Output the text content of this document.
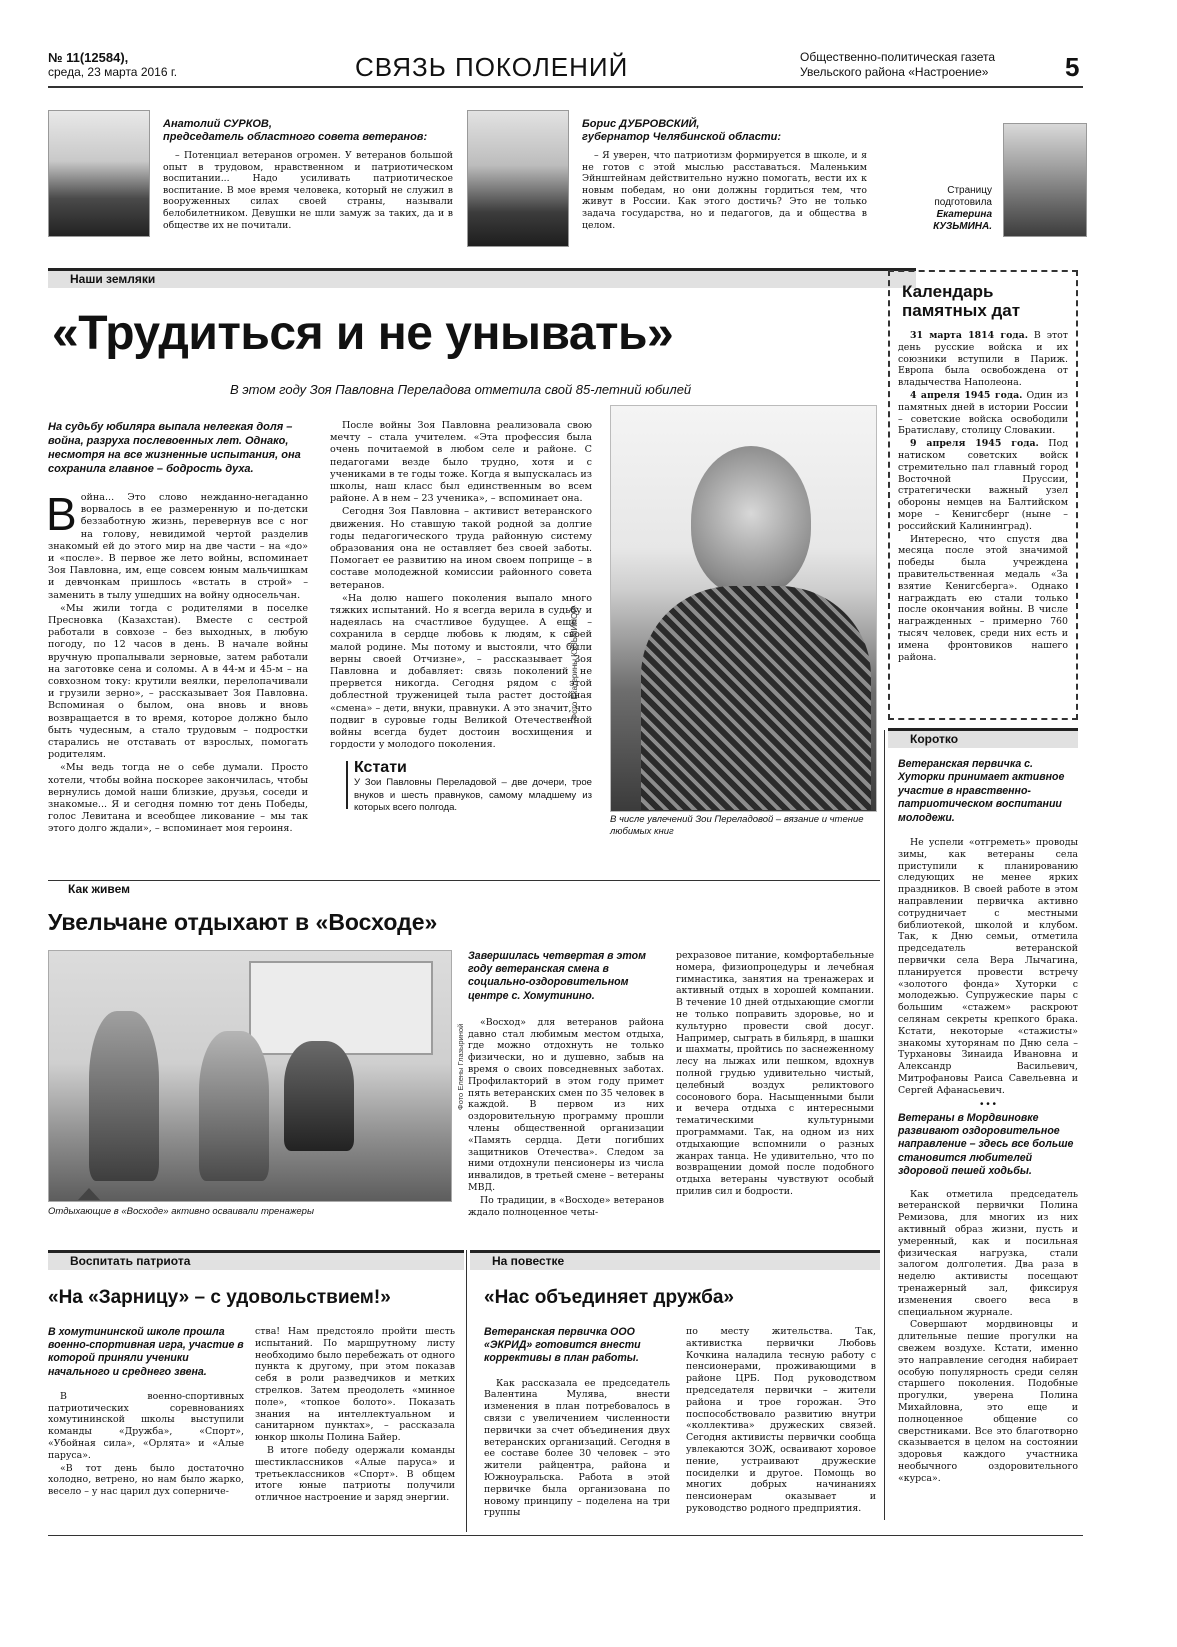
№ 11(12584),
среда, 23 марта 2016 г.	СВЯЗЬ ПОКОЛЕНИЙ	Общественно-политическая газета
Увельского района «Настроение»	5
Анатолий СУРКОВ,
председатель областного совета ветеранов:

– Потенциал ветеранов огромен. У ветеранов большой опыт в трудовом, нравственном и патриотическом воспитании... Надо усиливать патриотическое воспитание. В мое время человека, который не служил в вооруженных силах своей страны, называли белобилетником. Девушки не шли замуж за таких, да и в обществе их не почитали.

Борис ДУБРОВСКИЙ,
губернатор Челябинской области:

– Я уверен, что патриотизм формируется в школе, и я не готов с этой мыслью расставаться. Маленьким Эйнштейнам действительно нужно помогать, вести их к новым победам, но они должны гордиться тем, что живут в России. Как этого достичь? Это не только задача государства, но и педагогов, да и общества в целом.

Страницу
подготовила
Екатерина
КУЗЬМИНА.
Наши земляки
«Трудиться и не унывать»
В этом году Зоя Павловна Переладова отметила свой 85-летний юбилей
На судьбу юбиляра выпала нелегкая доля – война, разруха послевоенных лет. Однако, несмотря на все жизненные испытания, она сохранила главное – бодрость духа.
В ойна... Это слово нежданно-негаданно ворвалось в ее размеренную и по-детски беззаботную жизнь, перевернув все с ног на голову, невидимой чертой разделив знакомый ей до этого мир на две части – на «до» и «после». В первое же лето войны, вспоминает Зоя Павловна, им, еще совсем юным мальчишкам и девчонкам пришлось «встать в строй» – заменить в тылу ушедших на войну односельчан.

«Мы жили тогда с родителями в поселке Пресновка (Казахстан). Вместе с сестрой работали в совхозе – без выходных, в любую погоду, по 12 часов в день. В начале войны вручную пропалывали зерновые, затем работали на заготовке сена и соломы. А в 44-м и 45-м – на совхозном току: крутили веялки, перелопачивали и грузили зерно», – рассказывает Зоя Павловна. Вспоминая о былом, она вновь и вновь возвращается в то время, которое должно было быть чудесным, а стало трудовым – подростки старались не отставать от взрослых, помогать родителям.

«Мы ведь тогда не о себе думали. Просто хотели, чтобы война поскорее закончилась, чтобы вернулись домой наши близкие, друзья, соседи и знакомые... Я и сегодня помню тот день Победы, голос Левитана и всеобщее ликование – мы так этого долго ждали», – вспоминает моя героиня.

После войны Зоя Павловна реализовала свою мечту – стала учителем. «Эта профессия была очень почитаемой в любом селе и районе. С педагогами везде было трудно, хотя и с учениками в те годы тоже. Когда я выпускалась из школы, наш класс был единственным во всем районе. А в нем – 23 ученика», – вспоминает она.

Сегодня Зоя Павловна – активист ветеранского движения. Но ставшую такой родной за долгие годы педагогического труда районную систему образования она не оставляет без своей заботы. Помогает ее развитию на ином своем поприще – в составе молодежной комиссии районного совета ветеранов.

«На долю нашего поколения выпало много тяжких испытаний. Но я всегда верила в судьбу и надеялась на счастливое будущее. А еще – сохранила в сердце любовь к людям, к своей малой родине. Мы потому и выстояли, что были верны своей Отчизне», – рассказывает Зоя Павловна и добавляет: связь поколений не прервется никогда. Сегодня рядом с этой доблестной труженицей тыла растет достойная «смена» – дети, внуки, правнуки. А это значит, что подвиг в суровые годы Великой Отечественной войны всегда будет достоин восхищения и гордости у молодого поколения.

Кстати

У Зои Павловны Переладовой – две дочери, трое внуков и шесть правнуков, самому младшему из которых всего полгода.

Фото Екатерины КУЗЬМИНОЙ
В числе увлечений Зои Переладовой – вязание и чтение любимых книг
Календарь памятных дат

31 марта 1814 года. В этот день русские войска и их союзники вступили в Париж. Европа была освобождена от владычества Наполеона.

4 апреля 1945 года. Один из памятных дней в истории России – советские войска освободили Братиславу, столицу Словакии.

9 апреля 1945 года. Под натиском советских войск стремительно пал главный город Восточной Пруссии, стратегически важный узел обороны немцев на Балтийском море – Кенигсберг (ныне – российский Калининград).

Интересно, что спустя два месяца после этой значимой победы была учреждена правительственная медаль «За взятие Кенигсберга». Однако награждать ею стали только после окончания войны. В числе награжденных – примерно 760 тысяч человек, среди них есть и имена фронтовиков нашего района.

Коротко
Ветеранская первичка с. Хуторки принимает активное участие в нравственно-патриотическом воспитании молодежи.

Не успели «отгреметь» проводы зимы, как ветераны села приступили к планированию следующих не менее ярких праздников. В своей работе в этом направлении первичка активно сотрудничает с местными библиотекой, школой и клубом. Так, к Дню семьи, отметила председатель ветеранской первички села Вера Лычагина, планируется провести встречу «золотого фонда» Хуторки с молодежью. Супружеские пары с большим «стажем» раскроют селянам секреты крепкого брака. Кстати, некоторые «стажисты» знакомы хуторянам по Дню села – Турхановы Зинаида Ивановна и Александр Васильевич, Митрофановы Раиса Савельевна и Сергей Афанасьевич.

• • •
Ветераны в Мордвиновке развивают оздоровительное направление – здесь все больше становится любителей здоровой пешей ходьбы.

Как отметила председатель ветеранской первички Полина Ремизова, для многих из них активный образ жизни, пусть и умеренный, как и посильная физическая нагрузка, стали залогом долголетия. Два раза в неделю активисты посещают тренажерный зал, фиксируя изменения своего веса в специальном журнале.

Совершают мордвиновцы и длительные пешие прогулки на свежем воздухе. Кстати, именно это направление сегодня набирает особую популярность среди селян старшего поколения. Подобные прогулки, уверена Полина Михайловна, это еще и полноценное общение со сверстниками. Все это благотворно сказывается в целом на состоянии здоровья каждого участника необычного оздоровительного «курса».

Как живем
Увельчане отдыхают в «Восходе»
Фото Елены Глазыриной
Отдыхающие в «Восходе» активно осваивали тренажеры
Завершилась четвертая в этом году ветеранская смена в социально-оздоровительном центре с. Хомутинино.

«Восход» для ветеранов района давно стал любимым местом отдыха, где можно отдохнуть не только физически, но и душевно, забыв на время о своих повседневных заботах. Профилакторий в этом году примет пять ветеранских смен по 35 человек в каждой. В первом из них оздоровительную программу прошли члены общественной организации «Память сердца. Дети погибших защитников Отечества». Следом за ними отдохнули пенсионеры из числа инвалидов, в третьей смене – ветераны МВД.

По традиции, в «Восходе» ветеранов ждало полноценное четы-

рехразовое питание, комфортабельные номера, физиопроцедуры и лечебная гимнастика, занятия на тренажерах и активный отдых в хорошей компании. В течение 10 дней отдыхающие смогли не только поправить здоровье, но и культурно провести свой досуг. Например, сыграть в бильярд, в шашки и шахматы, пройтись по заснеженному лесу на лыжах или пешком, вдохнув полной грудью удивительно чистый, целебный воздух реликтового сосонового бора. Насыщенными были и вечера отдыха с интересными тематическими культурными программами. Так, на одном из них отдыхающие вспомнили о разных жанрах танца. Не удивительно, что по возвращении домой после подобного отдыха ветераны чувствуют особый прилив сил и бодрости.

Воспитать патриота
«На «Зарницу» – с удовольствием!»
В хомутининской школе прошла военно-спортивная игра, участие в которой приняли ученики начального и среднего звена.

В военно-спортивных патриотических соревнованиях хомутининской школы выступили команды «Дружба», «Спорт», «Убойная сила», «Орлята» и «Алые паруса».

«В тот день было достаточно холодно, ветрено, но нам было жарко, весело – у нас царил дух соперниче-

ства! Нам предстояло пройти шесть испытаний. По маршрутному листу необходимо было перебежать от одного пункта к другому, при этом показав себя в роли разведчиков и метких стрелков. Затем преодолеть «минное поле», «топкое болото». Показать знания на интеллектуальном и санитарном пунктах», – рассказала юнкор школы Полина Байер.

В итоге победу одержали команды шестиклассников «Алые паруса» и третьеклассников «Спорт». В общем итоге юные патриоты получили отличное настроение и заряд энергии.

На повестке
«Нас объединяет дружба»
Ветеранская первичка ООО «ЭКРИД» готовится внести коррективы в план работы.

Как рассказала ее председатель Валентина Мулява, внести изменения в план потребовалось в связи с увеличением численности первички за счет объединения двух ветеранских организаций. Сегодня в ее составе более 30 человек – это жители райцентра, района и Южноуральска. Работа в этой первичке была организована по новому принципу – поделена на три группы

по месту жительства. Так, активистка первички Любовь Кочкина наладила тесную работу с пенсионерами, проживающими в районе ЦРБ. Под руководством председателя первички – жители района и трое горожан. Это поспособствовало развитию внутри «коллектива» дружеских связей. Сегодня активисты первички сообща увлекаются ЗОЖ, осваивают хоровое пение, устраивают дружеские посиделки и другое. Помощь во многих добрых начинаниях пенсионерам оказывает и руководство родного предприятия.
